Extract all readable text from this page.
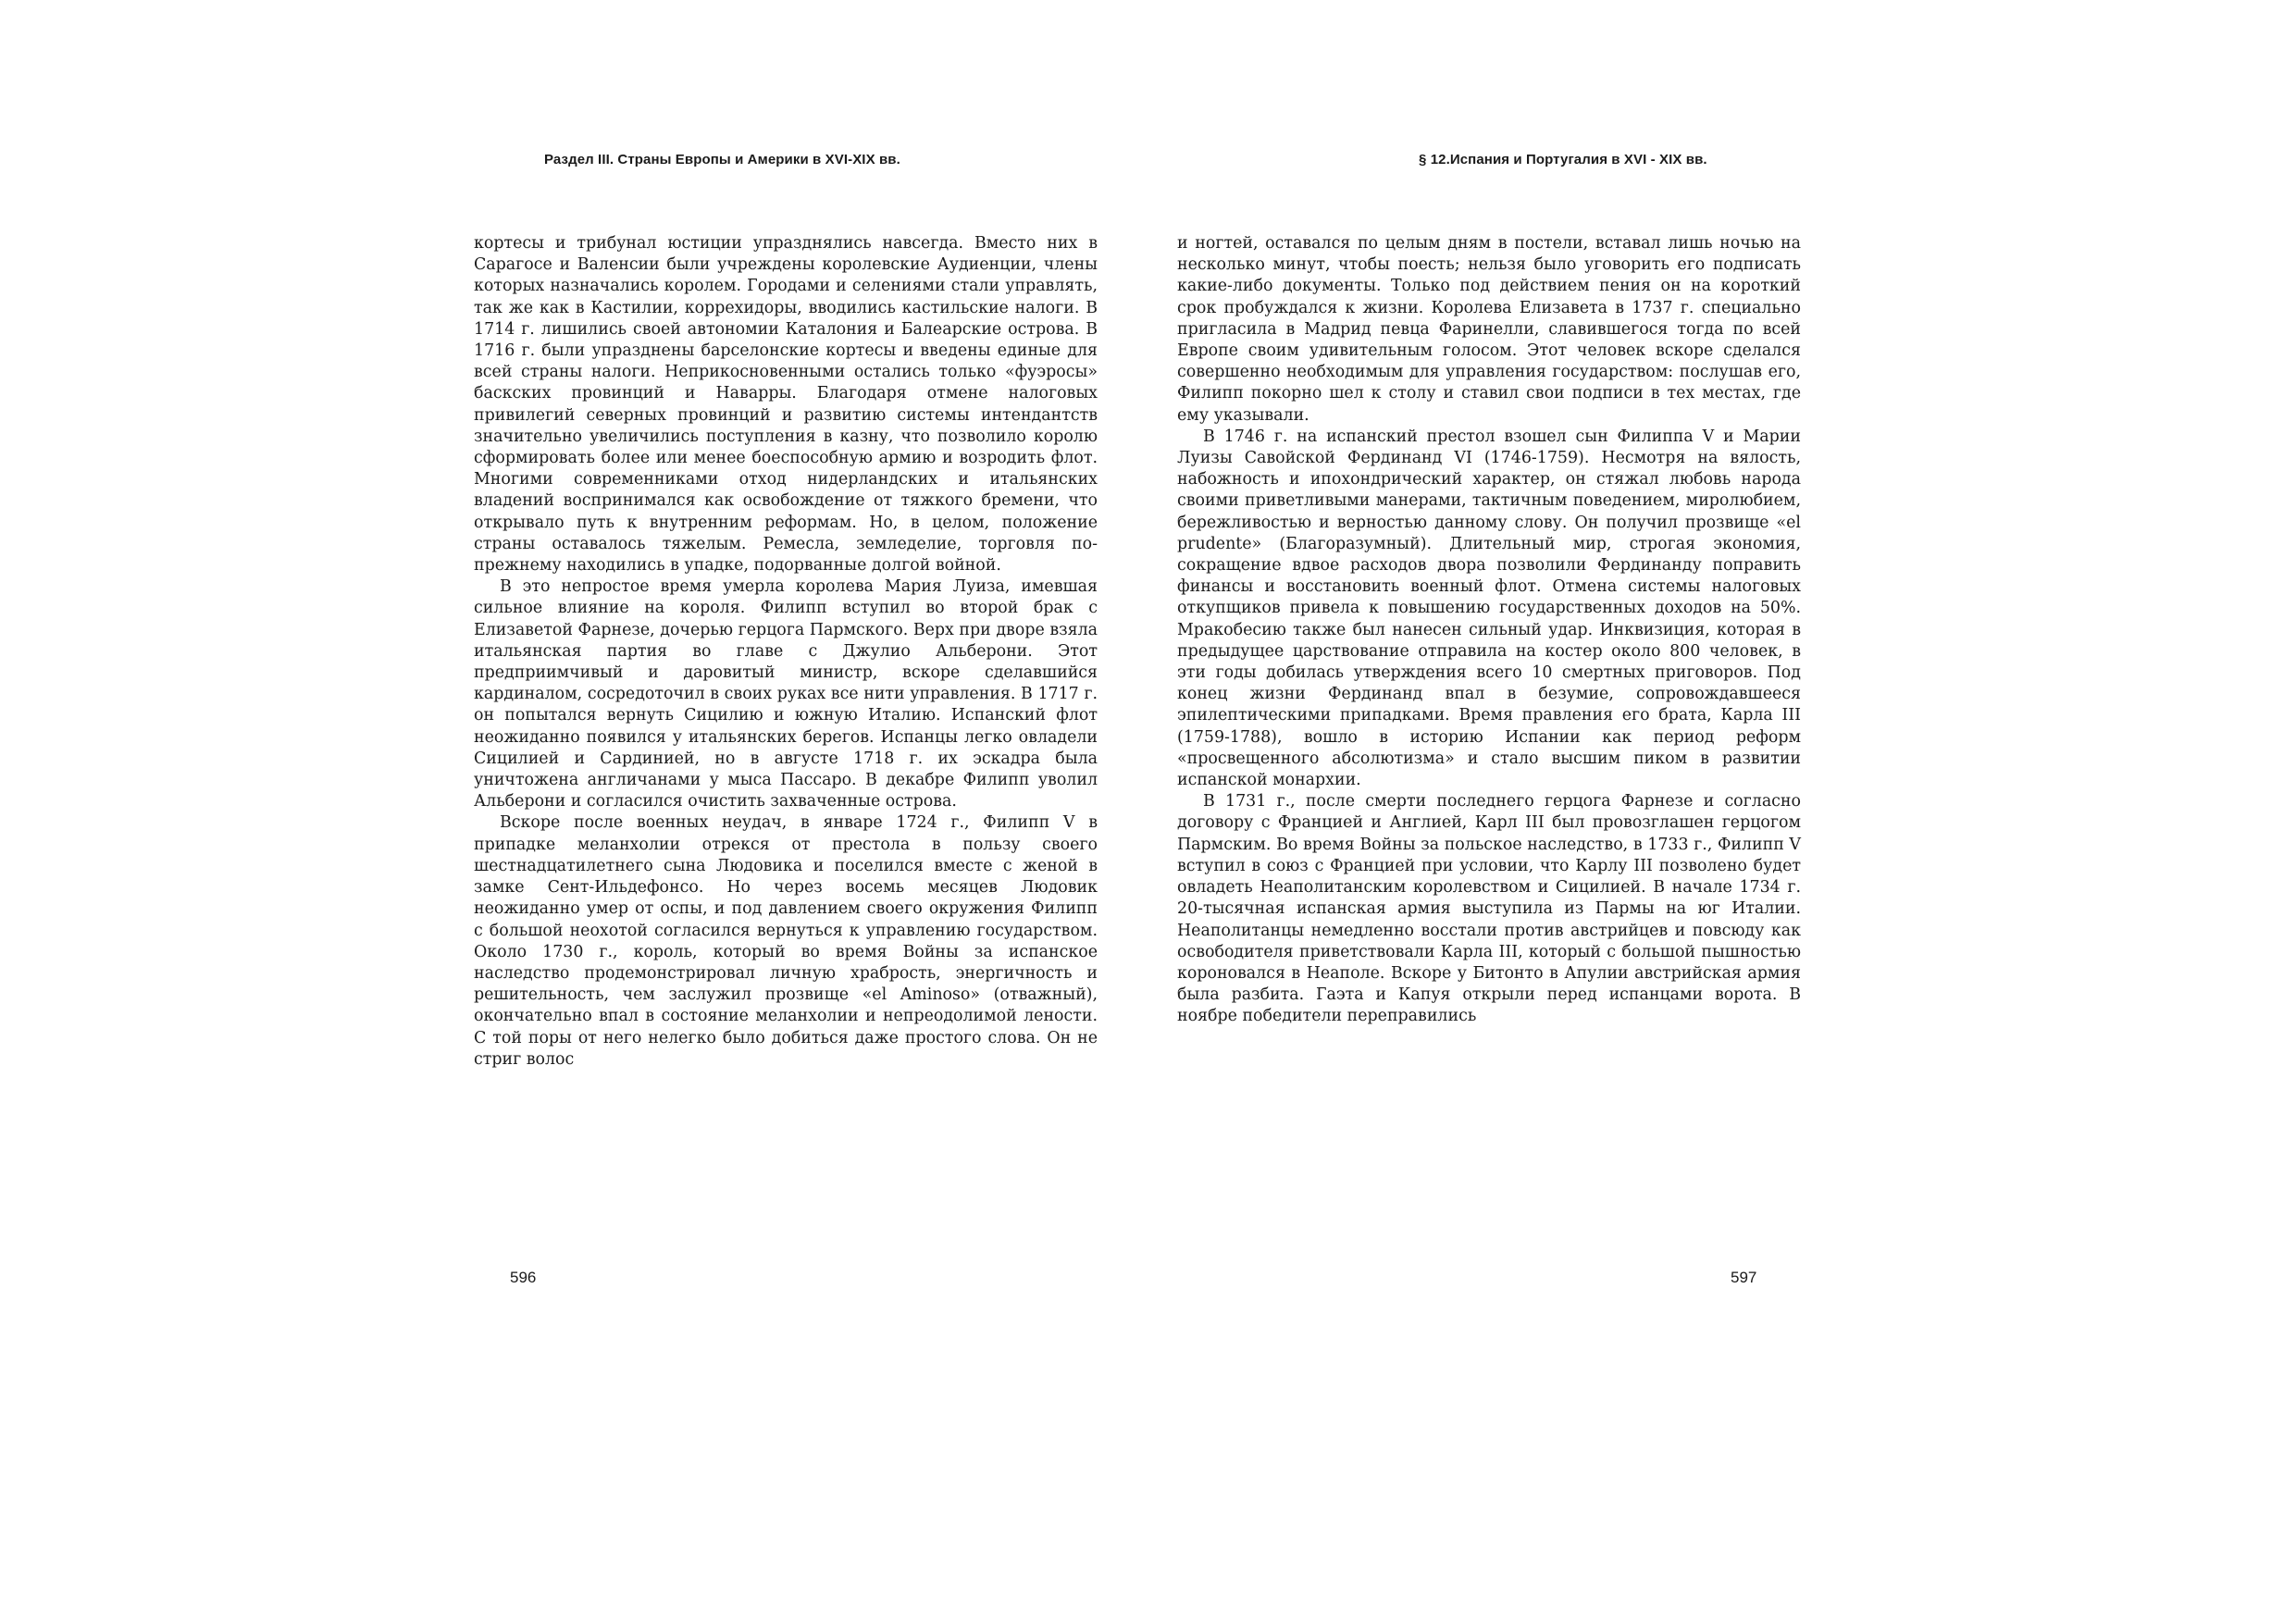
Раздел III. Страны Европы и Америки в XVI-XIX вв.

кортесы и трибунал юстиции упразднялись навсегда. Вместо них в Сарагосе и Валенсии были учреждены королевские Аудиенции, члены которых назначались королем. Городами и селениями стали управлять, так же как в Кастилии, коррехидоры, вводились кастильские налоги. В 1714 г. лишились своей автономии Каталония и Балеарские острова. В 1716 г. были упразднены барселонские кортесы и введены единые для всей страны налоги. Неприкосновенными остались только «фуэросы» баскских провинций и Наварры. Благодаря отмене налоговых привилегий северных провинций и развитию системы интендантств значительно увеличились поступления в казну, что позволило королю сформировать более или менее боеспособную армию и возродить флот. Многими современниками отход нидерландских и итальянских владений воспринимался как освобождение от тяжкого бремени, что открывало путь к внутренним реформам. Но, в целом, положение страны оставалось тяжелым. Ремесла, земледелие, торговля по-прежнему находились в упадке, подорванные долгой войной.

В это непростое время умерла королева Мария Луиза, имевшая сильное влияние на короля. Филипп вступил во второй брак с Елизаветой Фарнезе, дочерью герцога Пармского. Верх при дворе взяла итальянская партия во главе с Джулио Альберони. Этот предприимчивый и даровитый министр, вскоре сделавшийся кардиналом, сосредоточил в своих руках все нити управления. В 1717 г. он попытался вернуть Сицилию и южную Италию. Испанский флот неожиданно появился у итальянских берегов. Испанцы легко овладели Сицилией и Сардинией, но в августе 1718 г. их эскадра была уничтожена англичанами у мыса Пассаро. В декабре Филипп уволил Альберони и согласился очистить захваченные острова.

Вскоре после военных неудач, в январе 1724 г., Филипп V в припадке меланхолии отрекся от престола в пользу своего шестнадцатилетнего сына Людовика и поселился вместе с женой в замке Сент-Ильдефонсо. Но через восемь месяцев Людовик неожиданно умер от оспы, и под давлением своего окружения Филипп с большой неохотой согласился вернуться к управлению государством. Около 1730 г., король, который во время Войны за испанское наследство продемонстрировал личную храбрость, энергичность и решительность, чем заслужил прозвище «el Aminoso» (отважный), окончательно впал в состояние меланхолии и непреодолимой лености. С той поры от него нелегко было добиться даже простого слова. Он не стриг волос

596
§ 12.Испания и Португалия в XVI - XIX вв.

и ногтей, оставался по целым дням в постели, вставал лишь ночью на несколько минут, чтобы поесть; нельзя было уговорить его подписать какие-либо документы. Только под действием пения он на короткий срок пробуждался к жизни. Королева Елизавета в 1737 г. специально пригласила в Мадрид певца Фаринелли, славившегося тогда по всей Европе своим удивительным голосом. Этот человек вскоре сделался совершенно необходимым для управления государством: послушав его, Филипп покорно шел к столу и ставил свои подписи в тех местах, где ему указывали.

В 1746 г. на испанский престол взошел сын Филиппа V и Марии Луизы Савойской Фердинанд VI (1746-1759). Несмотря на вялость, набожность и ипохондрический характер, он стяжал любовь народа своими приветливыми манерами, тактичным поведением, миролюбием, бережливостью и верностью данному слову. Он получил прозвище «el prudente» (Благоразумный). Длительный мир, строгая экономия, сокращение вдвое расходов двора позволили Фердинанду поправить финансы и восстановить военный флот. Отмена системы налоговых откупщиков привела к повышению государственных доходов на 50%. Мракобесию также был нанесен сильный удар. Инквизиция, которая в предыдущее царствование отправила на костер около 800 человек, в эти годы добилась утверждения всего 10 смертных приговоров. Под конец жизни Фердинанд впал в безумие, сопровождавшееся эпилептическими припадками. Время правления его брата, Карла III (1759-1788), вошло в историю Испании как период реформ «просвещенного абсолютизма» и стало высшим пиком в развитии испанской монархии.

В 1731 г., после смерти последнего герцога Фарнезе и согласно договору с Францией и Англией, Карл III был провозглашен герцогом Пармским. Во время Войны за польское наследство, в 1733 г., Филипп V вступил в союз с Францией при условии, что Карлу III позволено будет овладеть Неаполитанским королевством и Сицилией. В начале 1734 г. 20-тысячная испанская армия выступила из Пармы на юг Италии. Неаполитанцы немедленно восстали против австрийцев и повсюду как освободителя приветствовали Карла III, который с большой пышностью короновался в Неаполе. Вскоре у Битонто в Апулии австрийская армия была разбита. Гаэта и Капуя открыли перед испанцами ворота. В ноябре победители переправились

597
